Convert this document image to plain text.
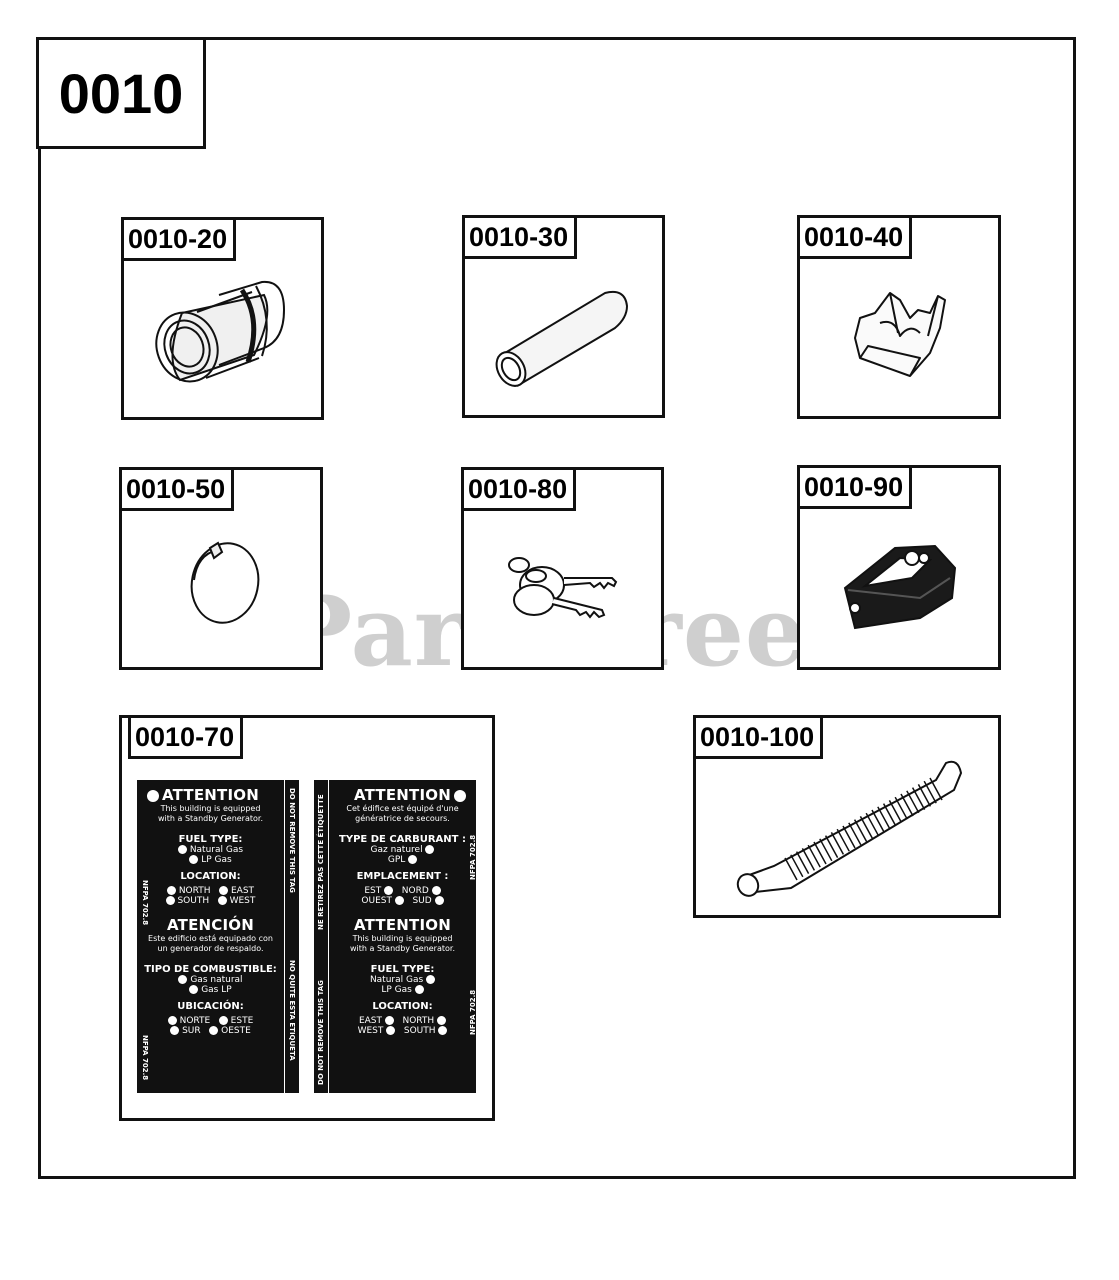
0010
0010-20	0010-30	0010-40
0010-50	0010-80	0010-90
0010-70
ATTENTION
This building is equipped
with a Standby Generator.
FUEL TYPE:
Natural Gas
LP Gas
LOCATION:
NORTH EAST
SOUTH WEST
ATENCIÓN
Este edificio está equipado con
un generador de respaldo.
TIPO DE COMBUSTIBLE:
Gas natural
Gas LP
UBICACIÓN:
NORTE ESTE
SUR OESTE
NFPA 702.8
NFPA 702.8
DO NOT REMOVE THIS TAG
NO QUITE ESTA ETIQUETA
NE RETIREZ PAS CETTE ÉTIQUETTE
DO NOT REMOVE THIS TAG
ATTENTION
Cet édifice est équipé d'une
génératrice de secours.
TYPE DE CARBURANT :
Gaz naturel
GPL
EMPLACEMENT :
EST NORD
OUEST SUD
ATTENTION
This building is equipped
with a Standby Generator.
FUEL TYPE:
Natural Gas
LP Gas
LOCATION:
EAST NORTH
WEST SOUTH
NFPA 702.8
NFPA 702.8
0010-100
